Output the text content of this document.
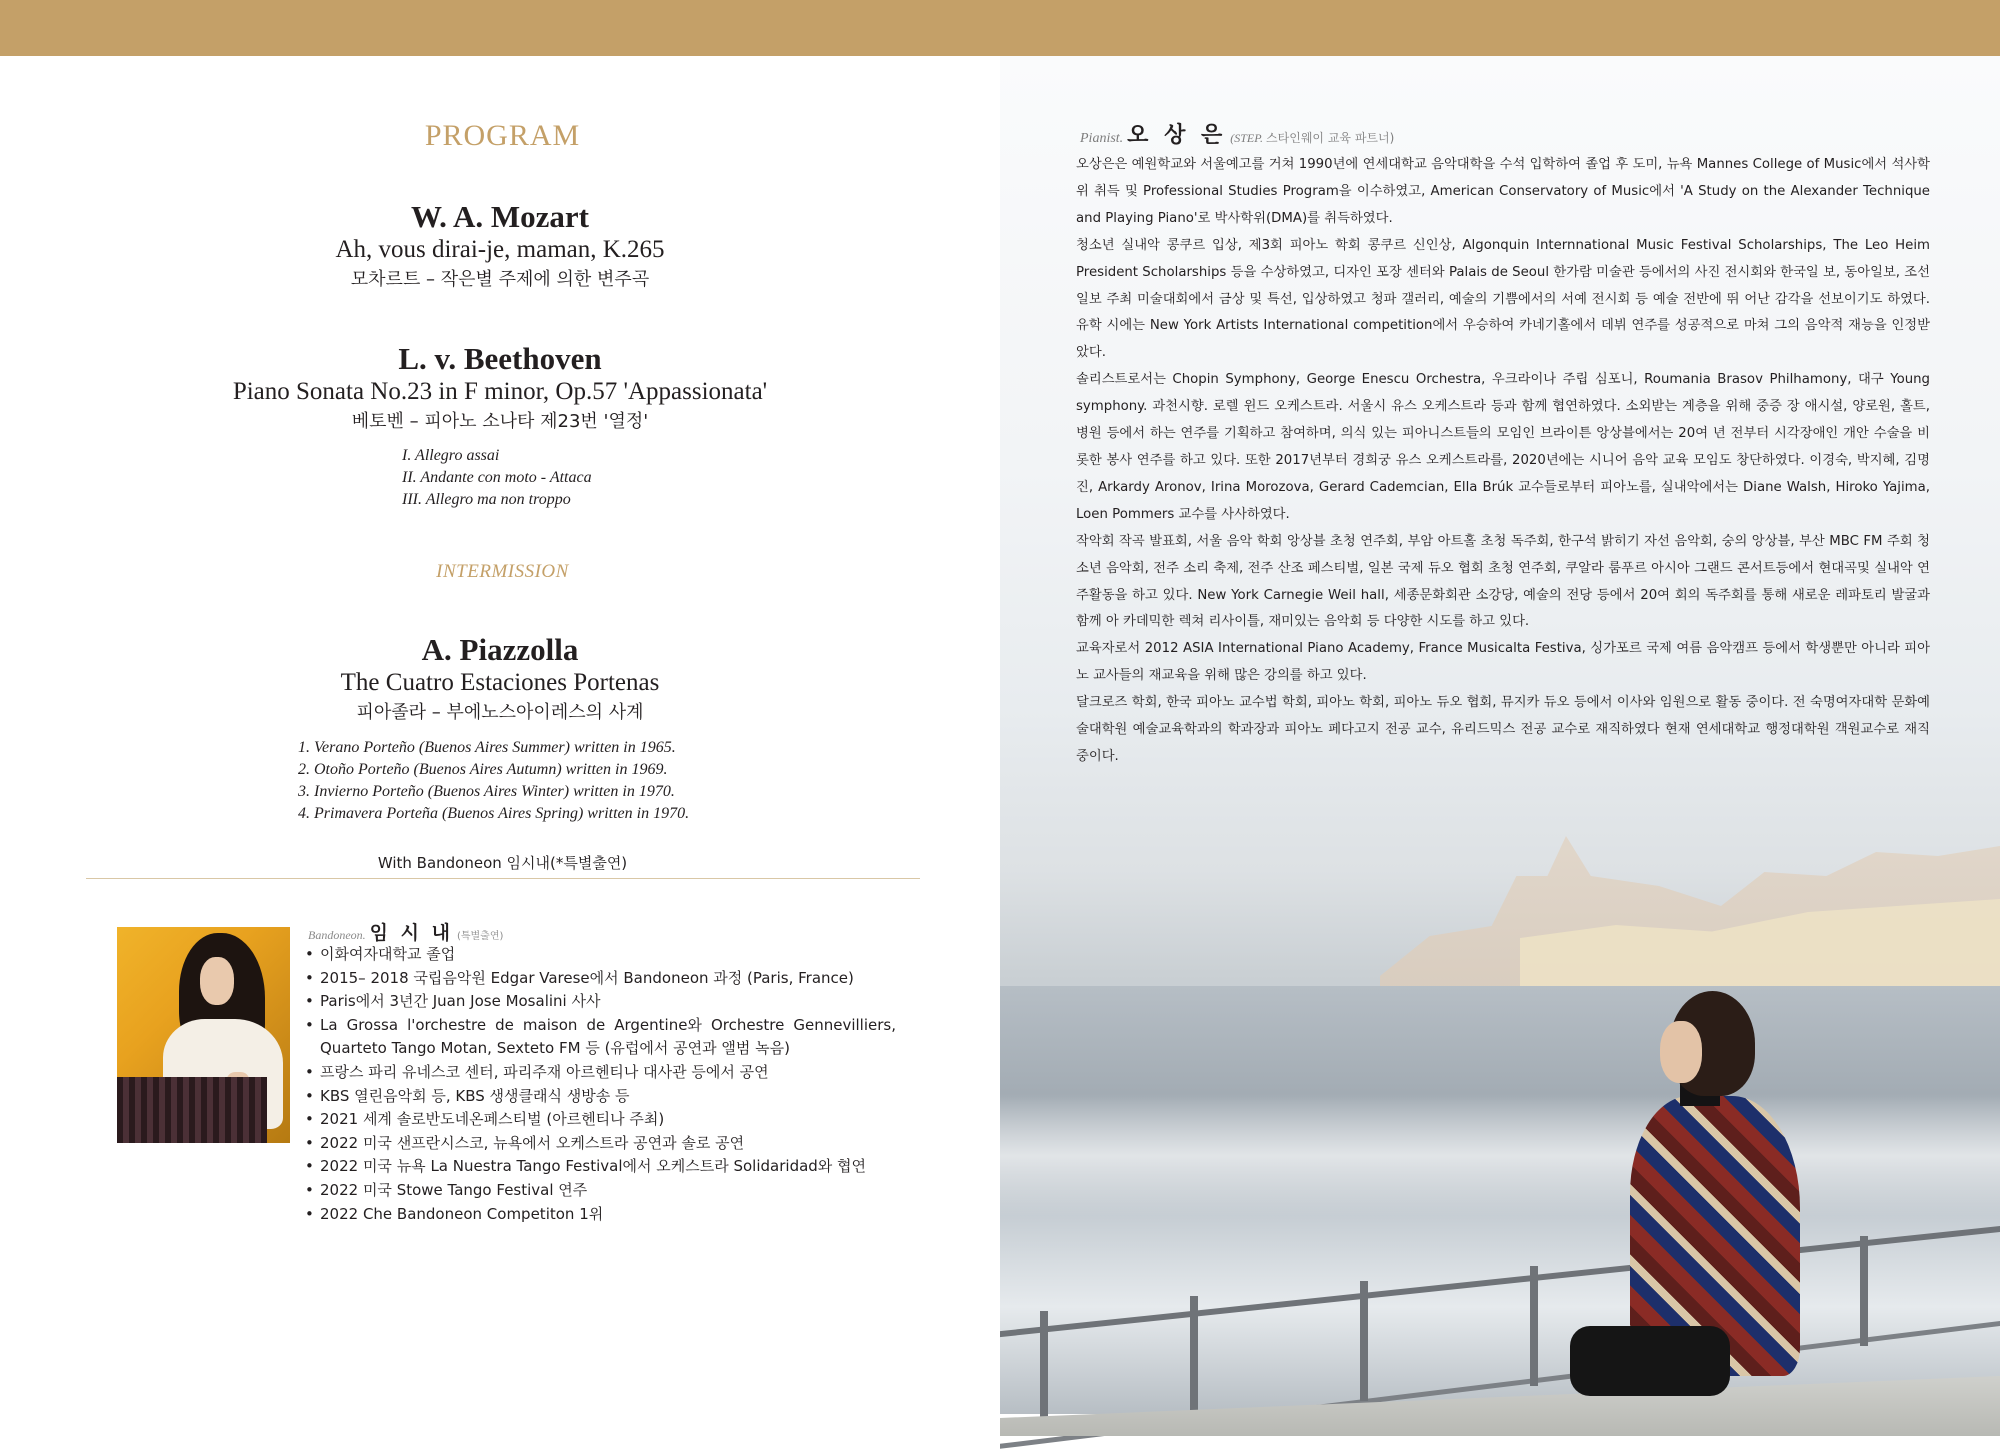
PROGRAM
W. A. Mozart
Ah, vous dirai-je, maman, K.265
모차르트 – 작은별 주제에 의한 변주곡
L. v. Beethoven
Piano Sonata No.23 in F minor, Op.57 'Appassionata'
베토벤 – 피아노 소나타 제23번 '열정'
I. Allegro assai
II. Andante con moto - Attaca
III. Allegro ma non troppo
INTERMISSION
A. Piazzolla
The Cuatro Estaciones Portenas
피아졸라 – 부에노스아이레스의 사계
1. Verano Porteño (Buenos Aires Summer) written in 1965.
2. Otoño Porteño (Buenos Aires Autumn) written in 1969.
3. Invierno Porteño (Buenos Aires Winter) written in 1970.
4. Primavera Porteña (Buenos Aires Spring) written in 1970.
With Bandoneon 임시내(*특별출연)
Bandoneon. 임 시 내 (특별출연)
• 이화여자대학교 졸업
• 2015– 2018 국립음악원 Edgar Varese에서 Bandoneon 과정 (Paris, France)
• Paris에서 3년간 Juan Jose Mosalini 사사
• La Grossa l'orchestre de maison de Argentine와 Orchestre Gennevilliers, Quarteto Tango Motan, Sexteto FM 등 (유럽에서 공연과 앨범 녹음)
• 프랑스 파리 유네스코 센터, 파리주재 아르헨티나 대사관 등에서 공연
• KBS 열린음악회 등, KBS 생생클래식 생방송 등
• 2021 세계 솔로반도네온페스티벌 (아르헨티나 주최)
• 2022 미국 샌프란시스코, 뉴욕에서 오케스트라 공연과 솔로 공연
• 2022 미국 뉴욕 La Nuestra Tango Festival에서 오케스트라 Solidaridad와 협연
• 2022 미국 Stowe Tango Festival 연주
• 2022 Che Bandoneon Competiton 1위
Pianist. 오 상 은 (STEP. 스타인웨이 교육 파트너)

오상은은 예원학교와 서울예고를 거쳐 1990년에 연세대학교 음악대학을 수석 입학하여 졸업 후 도미, 뉴욕 Mannes College of Music에서 석사학위 취득 및 Professional Studies Program을 이수하였고, American Conservatory of Music에서 'A Study on the Alexander Technique and Playing Piano'로 박사학위(DMA)를 취득하였다.

청소년 실내악 콩쿠르 입상, 제3회 피아노 학회 콩쿠르 신인상, Algonquin Internnational Music Festival Scholarships, The Leo Heim President Scholarships 등을 수상하였고, 디자인 포장 센터와 Palais de Seoul 한가람 미술관 등에서의 사진 전시회와 한국일 보, 동아일보, 조선일보 주최 미술대회에서 금상 및 특선, 입상하였고 청파 갤러리, 예술의 기쁨에서의 서예 전시회 등 예술 전반에 뛰 어난 감각을 선보이기도 하였다. 유학 시에는 New York Artists International competition에서 우승하여 카네기홀에서 데뷔 연주를 성공적으로 마쳐 그의 음악적 재능을 인정받았다.

솔리스트로서는 Chopin Symphony, George Enescu Orchestra, 우크라이나 주립 심포니, Roumania Brasov Philhamony, 대구 Young symphony. 과천시향. 로렐 윈드 오케스트라. 서울시 유스 오케스트라 등과 함께 협연하였다. 소외받는 계층을 위해 중증 장 애시설, 양로원, 홀트, 병원 등에서 하는 연주를 기획하고 참여하며, 의식 있는 피아니스트들의 모임인 브라이튼 앙상블에서는 20여 년 전부터 시각장애인 개안 수술을 비롯한 봉사 연주를 하고 있다. 또한 2017년부터 경희궁 유스 오케스트라를, 2020년에는 시니어 음악 교육 모임도 창단하였다. 이경숙, 박지혜, 김명진, Arkardy Aronov, Irina Morozova, Gerard Cademcian, Ella Brúk 교수들로부터 피아노를, 실내악에서는 Diane Walsh, Hiroko Yajima, Loen Pommers 교수를 사사하였다.

작악회 작곡 발표회, 서울 음악 학회 앙상블 초청 연주회, 부암 아트홀 초청 독주회, 한구석 밝히기 자선 음악회, 숭의 앙상블, 부산 MBC FM 주회 청소년 음악회, 전주 소리 축제, 전주 산조 페스티벌, 일본 국제 듀오 협회 초청 연주회, 쿠알라 룸푸르 아시아 그랜드 콘서트등에서 현대곡및 실내악 연주활동을 하고 있다. New York Carnegie Weil hall, 세종문화회관 소강당, 예술의 전당 등에서 20여 회의 독주회를 통해 새로운 레파토리 발굴과 함께 아 카데믹한 렉쳐 리사이틀, 재미있는 음악회 등 다양한 시도를 하고 있다.

교육자로서 2012 ASIA International Piano Academy, France Musicalta Festiva, 싱가포르 국제 여름 음악캠프 등에서 학생뿐만 아니라 피아노 교사들의 재교육을 위해 많은 강의를 하고 있다.

달크로즈 학회, 한국 피아노 교수법 학회, 피아노 학회, 피아노 듀오 협회, 뮤지카 듀오 등에서 이사와 임원으로 활동 중이다. 전 숙명여자대학 문화예술대학원 예술교육학과의 학과장과 피아노 페다고지 전공 교수, 유리드믹스 전공 교수로 재직하였다 현재 연세대학교 행정대학원 객원교수로 재직 중이다.
